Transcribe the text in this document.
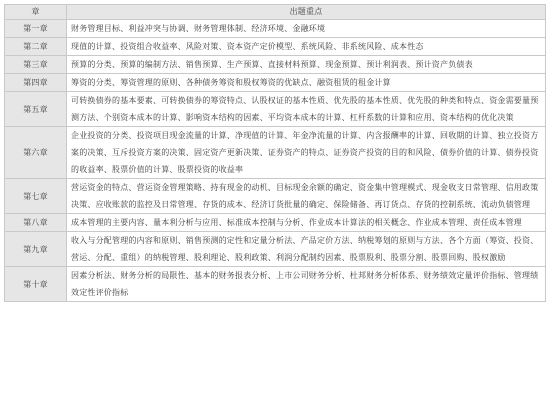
章	出题重点
第一章	财务管理目标、利益冲突与协调、财务管理体制、经济环境、金融环境
第二章	现值的计算、投资组合收益率、风险对策、资本资产定价模型、系统风险、非系统风险、成本性态
第三章	预算的分类、预算的编制方法、销售预算、生产预算、直接材料预算、现金预算、预计利润表、预计资产负债表
第四章	筹资的分类、筹资管理的原则、各种债务筹资和股权筹资的优缺点、融资租赁的租金计算
第五章	可转换债券的基本要素、可转换债券的筹资特点、认股权证的基本性质、优先股的基本性质、优先股的种类和特点、资金需要量预测方法、个别资本成本的计算、影响资本结构的因素、平均资本成本的计算、杠杆系数的计算和应用、资本结构的优化决策
第六章	企业投资的分类、投资项目现金流量的计算、净现值的计算、年金净流量的计算、内含报酬率的计算、回收期的计算、独立投资方案的决策、互斥投资方案的决策、固定资产更新决策、证券资产的特点、证券资产投资的目的和风险、债券价值的计算、债券投资的收益率、股票价值的计算、股票投资的收益率
第七章	营运资金的特点、营运资金管理策略、持有现金的动机、目标现金余额的确定、资金集中管理模式、现金收支日常管理、信用政策决策、应收账款的监控及日常管理、存货的成本、经济订货批量的确定、保险储备、再订货点、存货的控制系统、流动负债管理
第八章	成本管理的主要内容、量本利分析与应用、标准成本控制与分析、作业成本计算法的相关概念、作业成本管理、责任成本管理
第九章	收入与分配管理的内容和原则、销售预测的定性和定量分析法、产品定价方法、纳税筹划的原则与方法、各个方面（筹资、投资、营运、分配、重组）的纳税管理、股利理论、股利政策、利润分配制约因素、股票股利、股票分割、股票回购、股权激励
第十章	因素分析法、财务分析的局限性、基本的财务报表分析、上市公司财务分析、杜邦财务分析体系、财务绩效定量评价指标、管理绩效定性评价指标
